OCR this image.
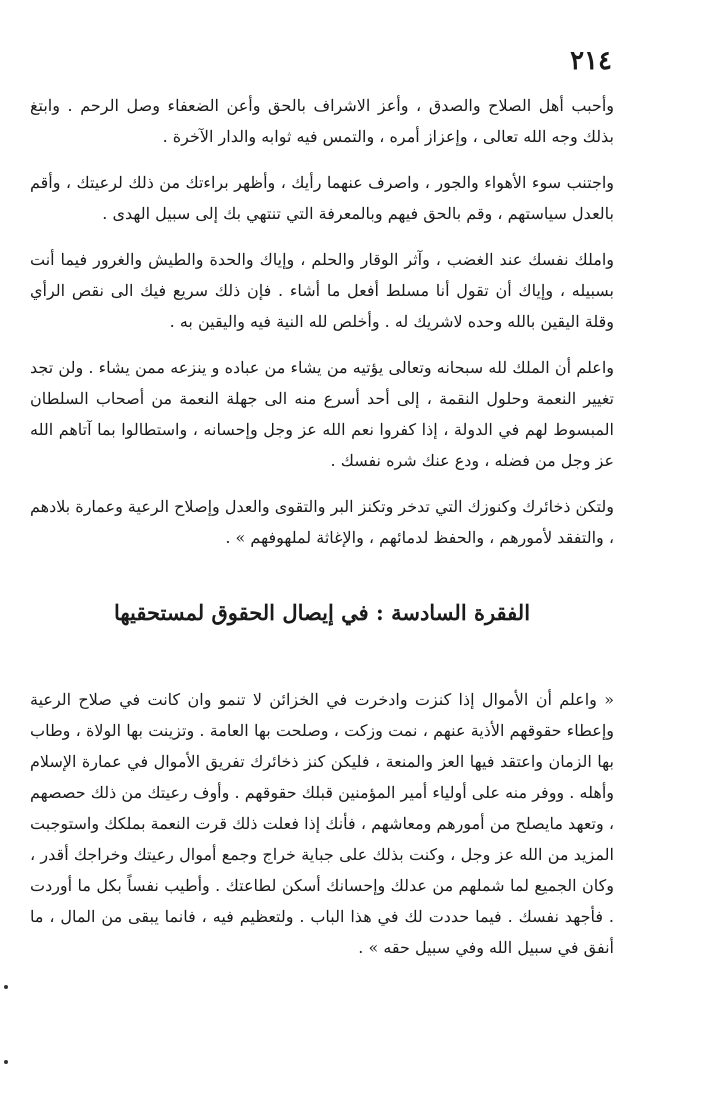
٢١٤

وأحبب أهل الصلاح والصدق ، وأعز الاشراف بالحق وأعن الضعفاء وصل الرحم . وابتغ بذلك وجه الله تعالى ، وإعزاز أمره ، والتمس فيه ثوابه والدار الآخرة .

واجتنب سوء الأهواء والجور ، واصرف عنهما رأيك ، وأظهر براءتك من ذلك لرعيتك ، وأقم بالعدل سياستهم ، وقم بالحق فيهم وبالمعرفة التي تنتهي بك إلى سبيل الهدى .

واملك نفسك عند الغضب ، وآثر الوقار والحلم ، وإياك والحدة والطيش والغرور فيما أنت بسبيله ، وإياك أن تقول أنا مسلط أفعل ما أشاء . فإن ذلك سريع فيك الى نقص الرأي وقلة اليقين بالله وحده لاشريك له . وأخلص لله النية فيه واليقين به .

واعلم أن الملك لله سبحانه وتعالى يؤتيه من يشاء من عباده و ينزعه ممن يشاء . ولن تجد تغيير النعمة وحلول النقمة ، إلى أحد أسرع منه الى جهلة النعمة من أصحاب السلطان المبسوط لهم في الدولة ، إذا كفروا نعم الله عز وجل وإحسانه ، واستطالوا بما آتاهم الله عز وجل من فضله ، ودع عنك شره نفسك .

ولتكن ذخائرك وكنوزك التي تدخر وتكنز البر والتقوى والعدل وإصلاح الرعية وعمارة بلادهم ، والتفقد لأمورهم ، والحفظ لدمائهم ، والإغاثة لملهوفهم » .

الفقرة السادسة : في إيصال الحقوق لمستحقيها

« واعلم أن الأموال إذا كنزت وادخرت في الخزائن لا تنمو وان كانت في صلاح الرعية وإعطاء حقوقهم الأذية عنهم ، نمت وزكت ، وصلحت بها العامة . وتزينت بها الولاة ، وطاب بها الزمان واعتقد فيها العز والمنعة ، فليكن كنز ذخائرك تفريق الأموال في عمارة الإسلام وأهله . ووفر منه على أولياء أمير المؤمنين قبلك حقوقهم . وأوف رعيتك من ذلك حصصهم ، وتعهد مايصلح من أمورهم ومعاشهم ، فأنك إذا فعلت ذلك قرت النعمة بملكك واستوجبت المزيد من الله عز وجل ، وكنت بذلك على جباية خراج وجمع أموال رعيتك وخراجك أقدر ، وكان الجميع لما شملهم من عدلك وإحسانك أسكن لطاعتك . وأطيب نفساً بكل ما أوردت . فأجهد نفسك . فيما حددت لك في هذا الباب . ولتعظيم فيه ، فانما يبقى من المال ، ما أنفق في سبيل الله وفي سبيل حقه » .
